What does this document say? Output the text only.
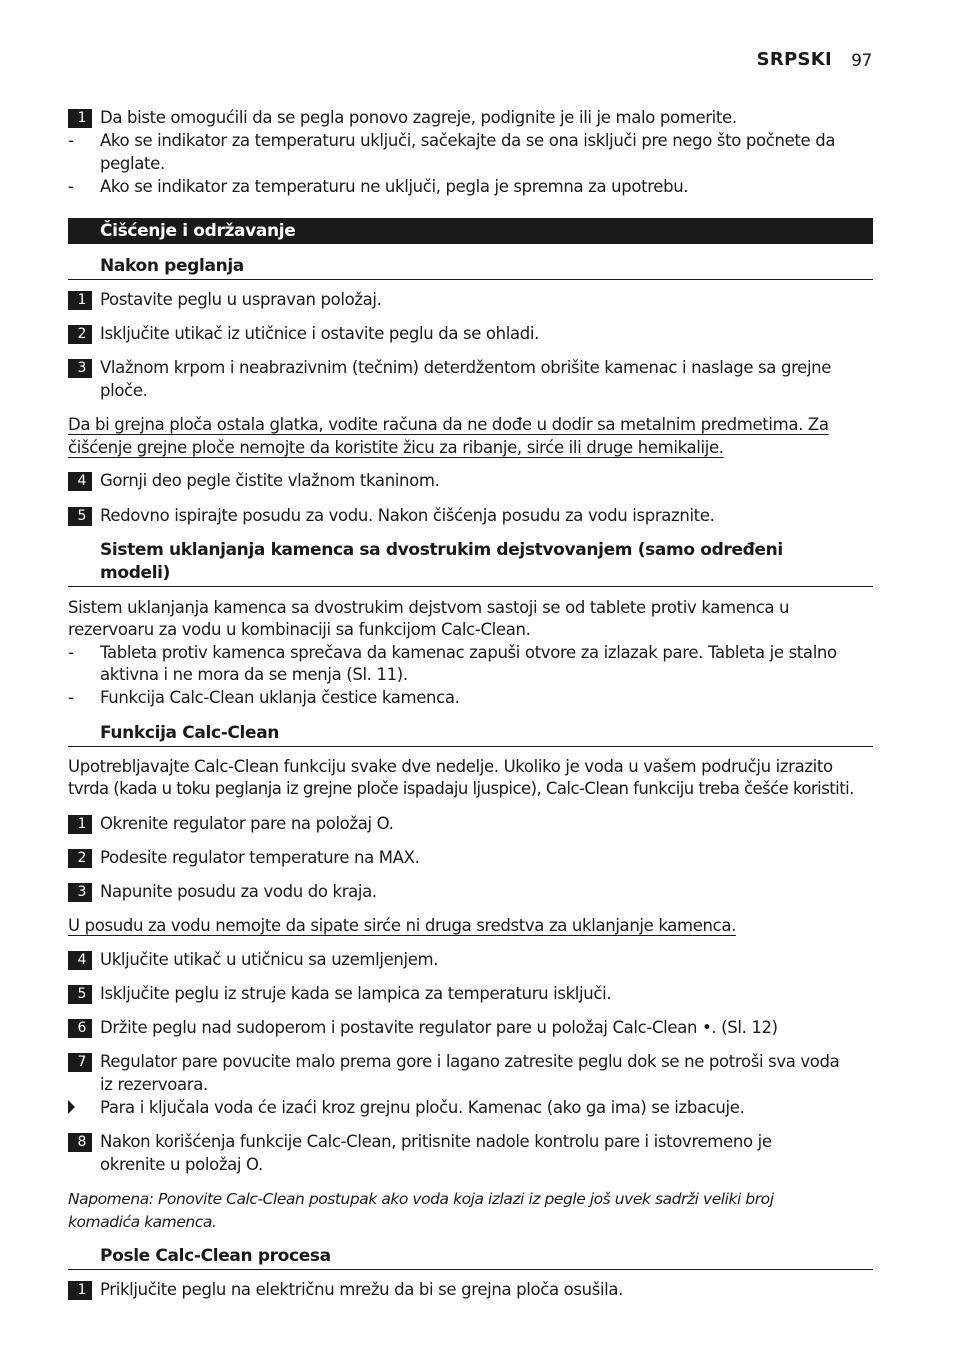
SRPSKI 97
1 Da biste omogućili da se pegla ponovo zagreje, podignite je ili je malo pomerite.
- Ako se indikator za temperaturu uključi, sačekajte da se ona isključi pre nego što počnete da
peglate.
- Ako se indikator za temperaturu ne uključi, pegla je spremna za upotrebu.
Čišćenje i održavanje
Nakon peglanja
1 Postavite peglu u uspravan položaj.
2 Isključite utikač iz utičnice i ostavite peglu da se ohladi.
3 Vlažnom krpom i neabrazivnim (tečnim) deterdžentom obrišite kamenac i naslage sa grejne
ploče.
Da bi grejna ploča ostala glatka, vodite računa da ne dođe u dodir sa metalnim predmetima. Za
čišćenje grejne ploče nemojte da koristite žicu za ribanje, sirće ili druge hemikalije.
4 Gornji deo pegle čistite vlažnom tkaninom.
5 Redovno ispirajte posudu za vodu. Nakon čišćenja posudu za vodu ispraznite.
Sistem uklanjanja kamenca sa dvostrukim dejstvovanjem (samo određeni
modeli)
Sistem uklanjanja kamenca sa dvostrukim dejstvom sastoji se od tablete protiv kamenca u
rezervoaru za vodu u kombinaciji sa funkcijom Calc-Clean.
- Tableta protiv kamenca sprečava da kamenac zapuši otvore za izlazak pare. Tableta je stalno
aktivna i ne mora da se menja (Sl. 11).
- Funkcija Calc-Clean uklanja čestice kamenca.
Funkcija Calc-Clean
Upotrebljavajte Calc-Clean funkciju svake dve nedelje. Ukoliko je voda u vašem području izrazito
tvrda (kada u toku peglanja iz grejne ploče ispadaju ljuspice), Calc-Clean funkciju treba češće koristiti.
1 Okrenite regulator pare na položaj O.
2 Podesite regulator temperature na MAX.
3 Napunite posudu za vodu do kraja.
U posudu za vodu nemojte da sipate sirće ni druga sredstva za uklanjanje kamenca.
4 Uključite utikač u utičnicu sa uzemljenjem.
5 Isključite peglu iz struje kada se lampica za temperaturu isključi.
6 Držite peglu nad sudoperom i postavite regulator pare u položaj Calc-Clean •. (Sl. 12)
7 Regulator pare povucite malo prema gore i lagano zatresite peglu dok se ne potroši sva voda
iz rezervoara.
Para i ključala voda će izaći kroz grejnu ploču. Kamenac (ako ga ima) se izbacuje.
8 Nakon korišćenja funkcije Calc-Clean, pritisnite nadole kontrolu pare i istovremeno je
okrenite u položaj O.
Napomena: Ponovite Calc-Clean postupak ako voda koja izlazi iz pegle još uvek sadrži veliki broj
komadića kamenca.
Posle Calc-Clean procesa
1 Priključite peglu na električnu mrežu da bi se grejna ploča osušila.
